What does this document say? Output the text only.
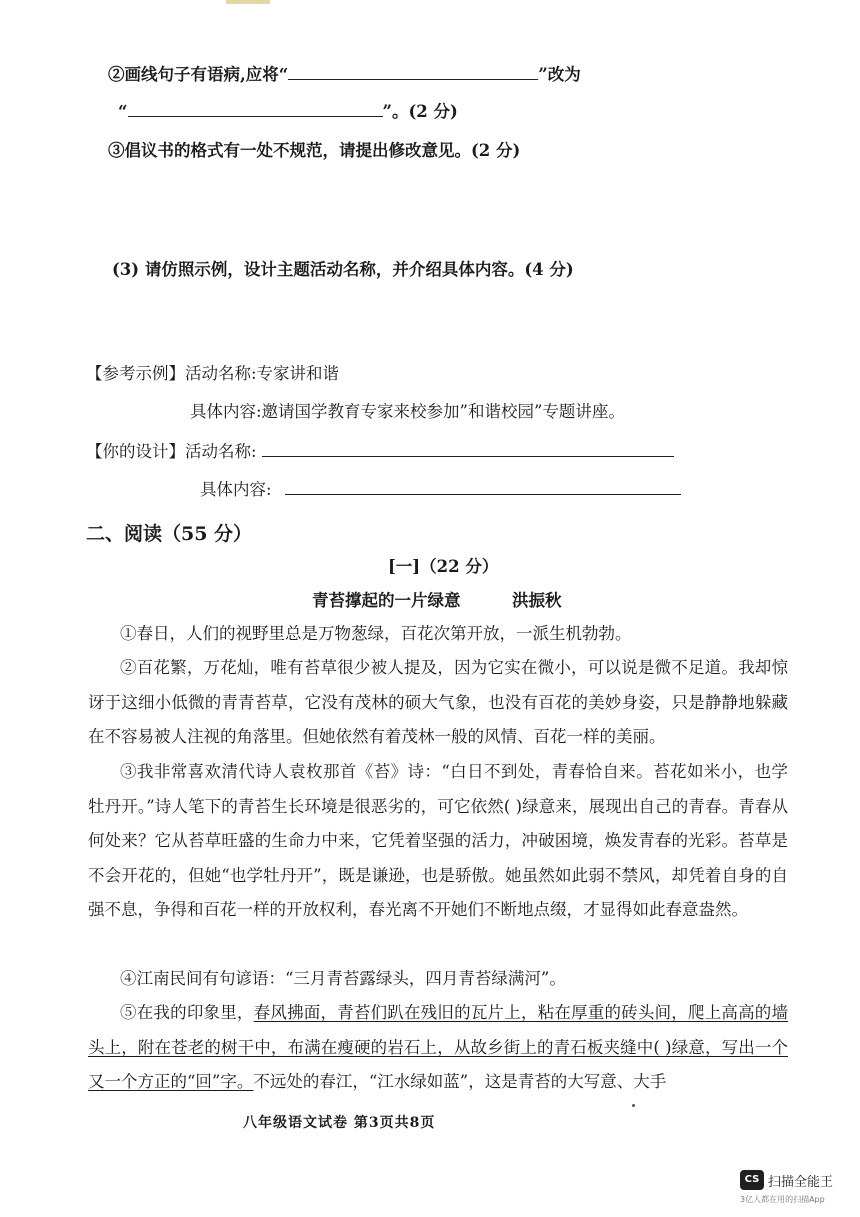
②画线句子有语病,应将“	”改为
“	”。(2 分)
③倡议书的格式有一处不规范，请提出修改意见。(2 分)
(3) 请仿照示例，设计主题活动名称，并介绍具体内容。(4 分)
【参考示例】活动名称:专家讲和谐
具体内容:邀请国学教育专家来校参加”和谐校园”专题讲座。
【你的设计】活动名称:
具体内容:
二、阅读（55 分）
[一]（22 分）
青苔撑起的一片绿意	洪振秋
①春日，人们的视野里总是万物葱绿，百花次第开放，一派生机勃勃。
②百花繁，万花灿，唯有苔草很少被人提及，因为它实在微小，可以说是微不足道。我却惊讶于这细小低微的青青苔草，它没有茂林的硕大气象，也没有百花的美妙身姿，只是静静地躲藏在不容易被人注视的角落里。但她依然有着茂林一般的风情、百花一样的美丽。
③我非常喜欢清代诗人袁枚那首《苔》诗：“白日不到处，青春恰自来。苔花如米小，也学牡丹开。”诗人笔下的青苔生长环境是很恶劣的，可它依然( )绿意来，展现出自己的青春。青春从何处来？它从苔草旺盛的生命力中来，它凭着坚强的活力，冲破困境，焕发青春的光彩。苔草是不会开花的，但她“也学牡丹开”，既是谦逊，也是骄傲。她虽然如此弱不禁风，却凭着自身的自强不息，争得和百花一样的开放权利，春光离不开她们不断地点缀，才显得如此春意盎然。
④江南民间有句谚语：“三月青苔露绿头，四月青苔绿满河”。
⑤在我的印象里，春风拂面，青苔们趴在残旧的瓦片上，粘在厚重的砖头间，爬上高高的墙头上，附在苍老的树干中，布满在瘦硬的岩石上，从故乡街上的青石板夹缝中( )绿意，写出一个又一个方正的“回”字。不远处的春江，“江水绿如蓝”，这是青苔的大写意、大手
八年级语文试卷 第3页共8页
CS 扫描全能王
3亿人都在用的扫描App
